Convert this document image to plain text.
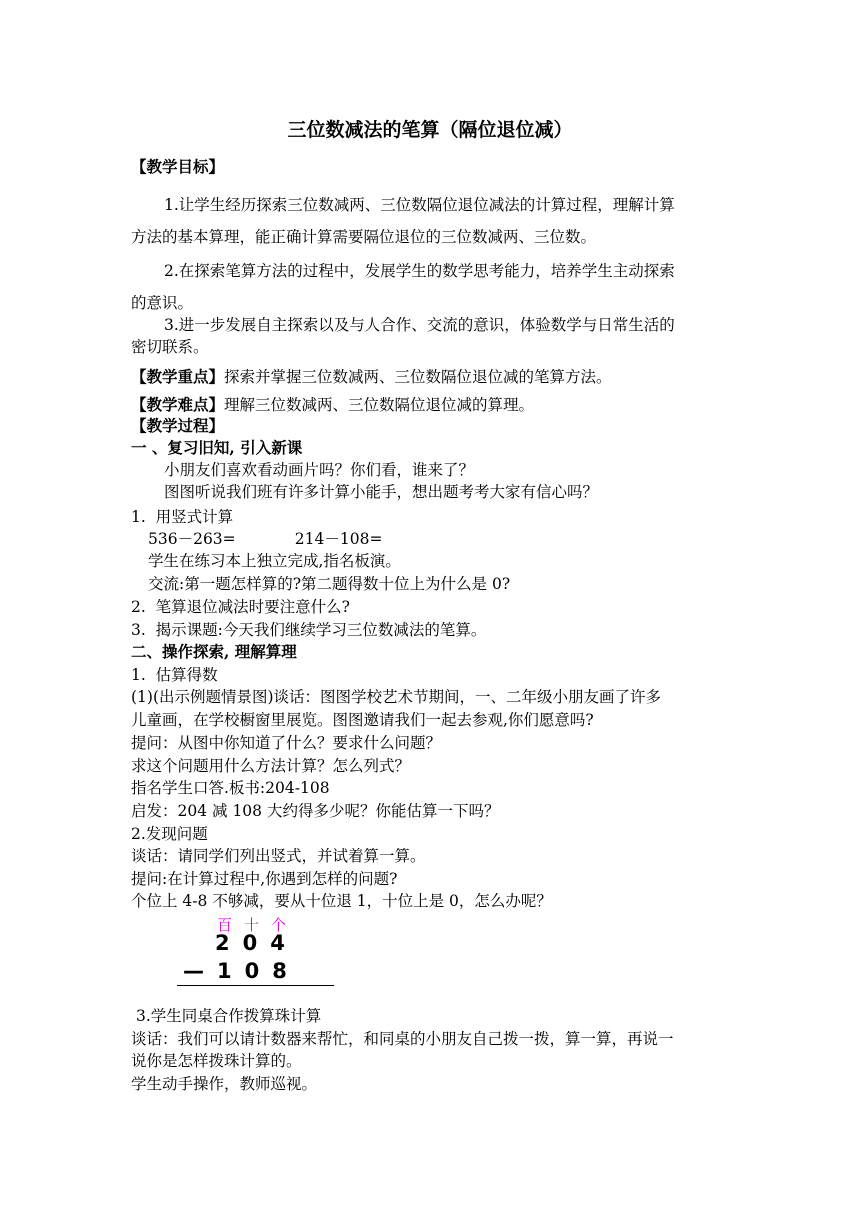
三位数减法的笔算（隔位退位减）
【教学目标】
1.让学生经历探索三位数减两、三位数隔位退位减法的计算过程，理解计算
方法的基本算理，能正确计算需要隔位退位的三位数减两、三位数。
2.在探索笔算方法的过程中，发展学生的数学思考能力，培养学生主动探索
的意识。
3.进一步发展自主探索以及与人合作、交流的意识，体验数学与日常生活的
密切联系。
【教学重点】探索并掌握三位数减两、三位数隔位退位减的笔算方法。
【教学难点】理解三位数减两、三位数隔位退位减的算理。
【教学过程】
一 、复习旧知, 引入新课
小朋友们喜欢看动画片吗？你们看，谁来了？
图图听说我们班有许多计算小能手，想出题考考大家有信心吗？
1.  用竖式计算
536－263=            214－108=
学生在练习本上独立完成,指名板演。
交流:第一题怎样算的?第二题得数十位上为什么是 0?
2.  笔算退位减法时要注意什么?
3.  揭示课题:今天我们继续学习三位数减法的笔算。
二、操作探索, 理解算理
1.  估算得数
(1)(出示例题情景图)谈话：图图学校艺术节期间，一、二年级小朋友画了许多
儿童画，在学校橱窗里展览。图图邀请我们一起去参观,你们愿意吗?
提问：从图中你知道了什么？要求什么问题？
求这个问题用什么方法计算？怎么列式？
指名学生口答.板书:204-108
启发：204 减 108 大约得多少呢？你能估算一下吗？
2.发现问题
谈话：请同学们列出竖式，并试着算一算。
提问:在计算过程中,你遇到怎样的问题?
个位上 4-8 不够减，要从十位退 1，十位上是 0，怎么办呢？
百十个
204
—108
3.学生同桌合作拨算珠计算
谈话：我们可以请计数器来帮忙，和同桌的小朋友自己拨一拨，算一算，再说一
说你是怎样拨珠计算的。
学生动手操作，教师巡视。
